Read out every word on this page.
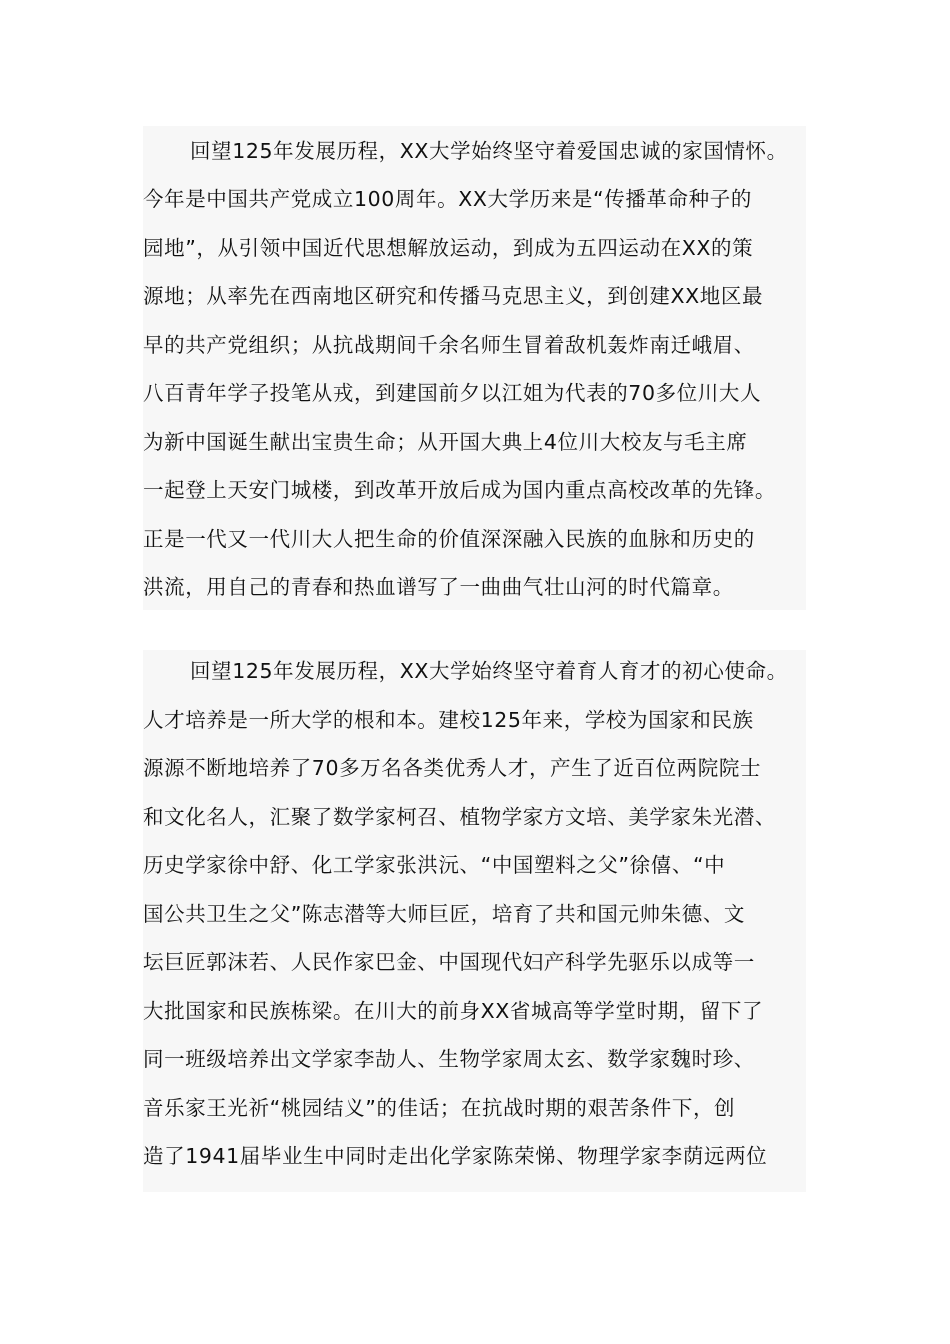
回望125年发展历程，XX大学始终坚守着爱国忠诚的家国情怀。
今年是中国共产党成立100周年。XX大学历来是“传播革命种子的
园地”，从引领中国近代思想解放运动，到成为五四运动在XX的策
源地；从率先在西南地区研究和传播马克思主义，到创建XX地区最
早的共产党组织；从抗战期间千余名师生冒着敌机轰炸南迁峨眉、
八百青年学子投笔从戎，到建国前夕以江姐为代表的70多位川大人
为新中国诞生献出宝贵生命；从开国大典上4位川大校友与毛主席
一起登上天安门城楼，到改革开放后成为国内重点高校改革的先锋。
正是一代又一代川大人把生命的价值深深融入民族的血脉和历史的
洪流，用自己的青春和热血谱写了一曲曲气壮山河的时代篇章。
回望125年发展历程，XX大学始终坚守着育人育才的初心使命。
人才培养是一所大学的根和本。建校125年来，学校为国家和民族
源源不断地培养了70多万名各类优秀人才，产生了近百位两院院士
和文化名人，汇聚了数学家柯召、植物学家方文培、美学家朱光潜、
历史学家徐中舒、化工学家张洪沅、“中国塑料之父”徐僖、“中
国公共卫生之父”陈志潜等大师巨匠，培育了共和国元帅朱德、文
坛巨匠郭沫若、人民作家巴金、中国现代妇产科学先驱乐以成等一
大批国家和民族栋梁。在川大的前身XX省城高等学堂时期，留下了
同一班级培养出文学家李劼人、生物学家周太玄、数学家魏时珍、
音乐家王光祈“桃园结义”的佳话；在抗战时期的艰苦条件下，创
造了1941届毕业生中同时走出化学家陈荣悌、物理学家李荫远两位
